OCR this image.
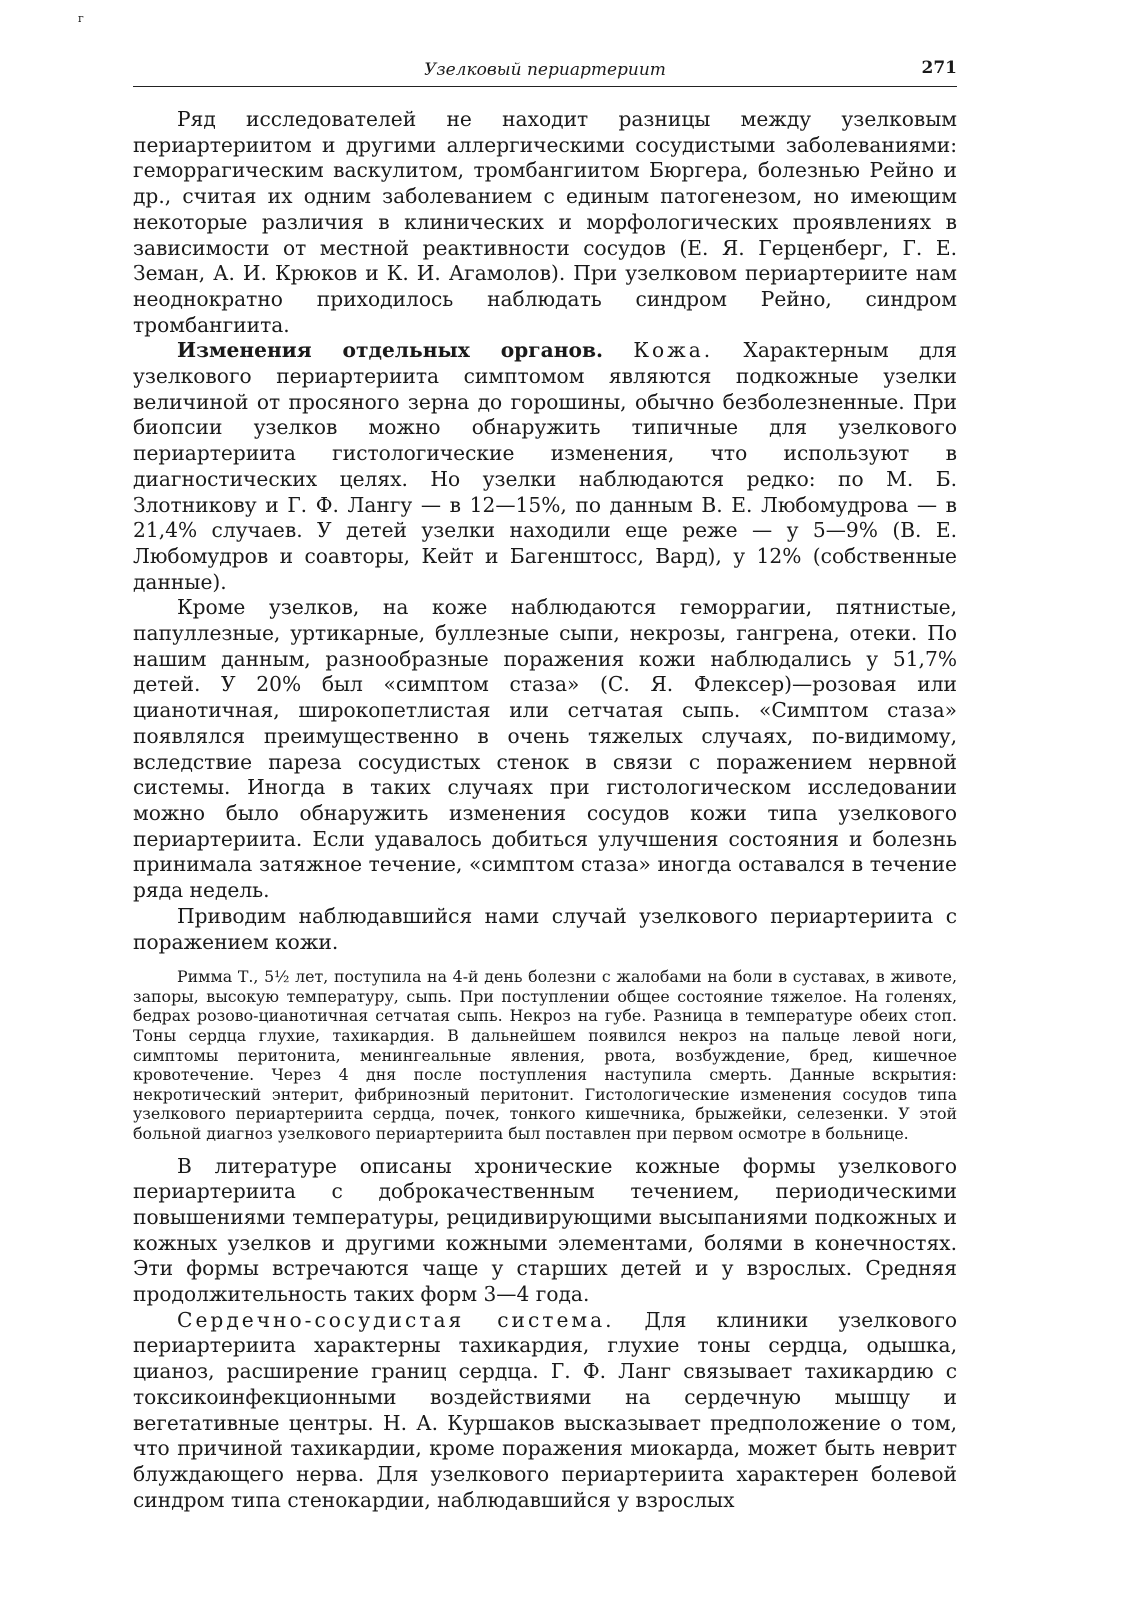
г
Узелковый периартериит	271

Ряд исследователей не находит разницы между узелковым периартериитом и другими аллергическими сосудистыми заболеваниями: геморрагическим васкулитом, тромбангиитом Бюргера, болезнью Рейно и др., считая их одним заболеванием с единым патогенезом, но имеющим некоторые различия в клинических и морфологических проявлениях в зависимости от местной реактивности сосудов (Е. Я. Герценберг, Г. Е. Земан, А. И. Крюков и К. И. Агамолов). При узелковом периартериите нам неоднократно приходилось наблюдать синдром Рейно, синдром тромбангиита.

Изменения отдельных органов. Кожа. Характерным для узелкового периартериита симптомом являются подкожные узелки величиной от просяного зерна до горошины, обычно безболезненные. При биопсии узелков можно обнаружить типичные для узелкового периартериита гистологические изменения, что используют в диагностических целях. Но узелки наблюдаются редко: по М. Б. Злотникову и Г. Ф. Лангу — в 12—15%, по данным В. Е. Любомудрова — в 21,4% случаев. У детей узелки находили еще реже — у 5—9% (В. Е. Любомудров и соавторы, Кейт и Багенштосс, Вард), у 12% (собственные данные).

Кроме узелков, на коже наблюдаются геморрагии, пятнистые, папуллезные, уртикарные, буллезные сыпи, некрозы, гангрена, отеки. По нашим данным, разнообразные поражения кожи наблюдались у 51,7% детей. У 20% был «симптом стаза» (С. Я. Флексер)—розовая или цианотичная, широкопетлистая или сетчатая сыпь. «Симптом стаза» появлялся преимущественно в очень тяжелых случаях, по-видимому, вследствие пареза сосудистых стенок в связи с поражением нервной системы. Иногда в таких случаях при гистологическом исследовании можно было обнаружить изменения сосудов кожи типа узелкового периартериита. Если удавалось добиться улучшения состояния и болезнь принимала затяжное течение, «симптом стаза» иногда оставался в течение ряда недель.

Приводим наблюдавшийся нами случай узелкового периартериита с поражением кожи.

Римма Т., 5½ лет, поступила на 4-й день болезни с жалобами на боли в суставах, в животе, запоры, высокую температуру, сыпь. При поступлении общее состояние тяжелое. На голенях, бедрах розово-цианотичная сетчатая сыпь. Некроз на губе. Разница в температуре обеих стоп. Тоны сердца глухие, тахикардия. В дальнейшем появился некроз на пальце левой ноги, симптомы перитонита, менингеальные явления, рвота, возбуждение, бред, кишечное кровотечение. Через 4 дня после поступления наступила смерть. Данные вскрытия: некротический энтерит, фибринозный перитонит. Гистологические изменения сосудов типа узелкового периартериита сердца, почек, тонкого кишечника, брыжейки, селезенки. У этой больной диагноз узелкового периартериита был поставлен при первом осмотре в больнице.

В литературе описаны хронические кожные формы узелкового периартериита с доброкачественным течением, периодическими повышениями температуры, рецидивирующими высыпаниями подкожных и кожных узелков и другими кожными элементами, болями в конечностях. Эти формы встречаются чаще у старших детей и у взрослых. Средняя продолжительность таких форм 3—4 года.

Сердечно-сосудистая система. Для клиники узелкового периартериита характерны тахикардия, глухие тоны сердца, одышка, цианоз, расширение границ сердца. Г. Ф. Ланг связывает тахикардию с токсикоинфекционными воздействиями на сердечную мышцу и вегетативные центры. Н. А. Куршаков высказывает предположение о том, что причиной тахикардии, кроме поражения миокарда, может быть неврит блуждающего нерва. Для узелкового периартериита характерен болевой синдром типа стенокардии, наблюдавшийся у взрослых
